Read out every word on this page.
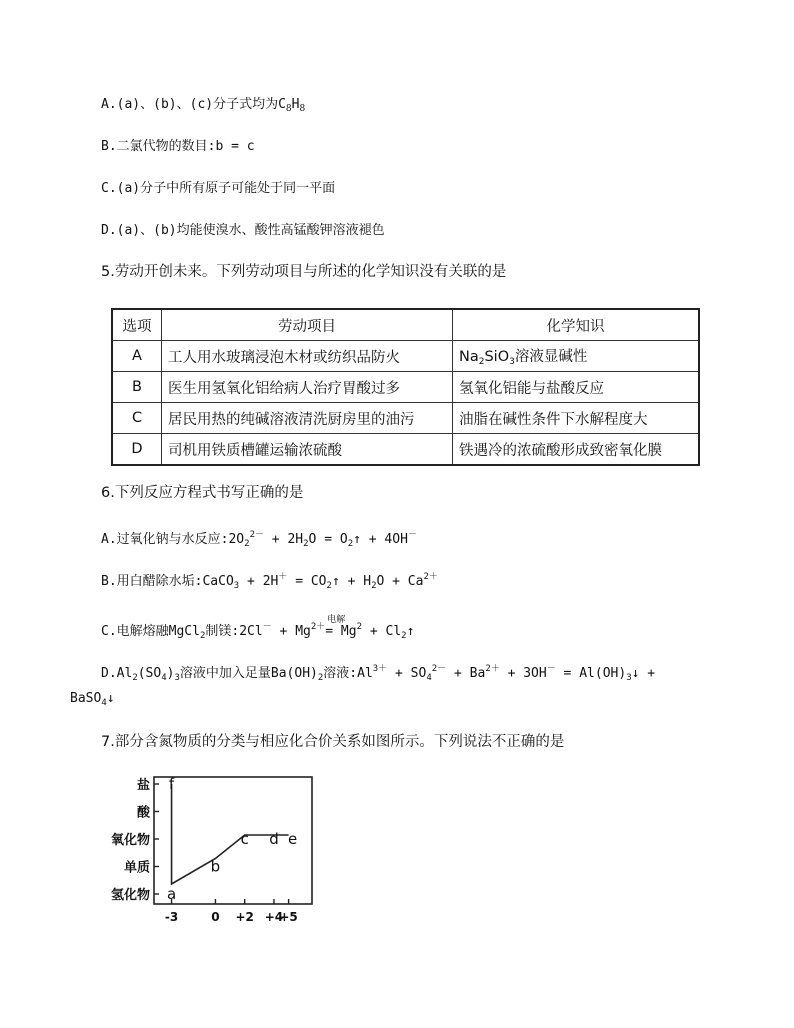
A.(a)、(b)、(c)分子式均为$C_8H_8$
B.二氯代物的数目:b = c
C.(a)分子中所有原子可能处于同一平面
D.(a)、(b)均能使溴水、酸性高锰酸钾溶液褪色
5.劳动开创未来。下列劳动项目与所述的化学知识没有关联的是
选项	劳动项目	化学知识
A	工人用水玻璃浸泡木材或纺织品防火	$Na_2SiO_3$溶液显碱性
B	医生用氢氧化铝给病人治疗胃酸过多	氢氧化铝能与盐酸反应
C	居民用热的纯碱溶液清洗厨房里的油污	油脂在碱性条件下水解程度大
D	司机用铁质槽罐运输浓硫酸	铁遇冷的浓硫酸形成致密氧化膜
6.下列反应方程式书写正确的是
A.过氧化钠与水反应$:2O_2^{2-} + 2H_2O$ = $O_2↑ + 4OH^-$
B.用白醋除水垢:CaCO$_3$ + $2H^+ = CO_2↑ + H_2O + Ca^{2+}$
C.电解熔融MgCl$_2$制镁:2Cl－ + $Mg^{2+}$
电解
= $Mg^2$ + $Cl_2↑$
$D.Al_2(SO_4)_3$溶液中加入足量$Ba(OH)_2$溶液$:Al^{3+} + SO_4^{2-} + Ba^{2+} + 3OH^-$ = $Al(OH)_3↓$ +
BaSO$_4$↓
7.部分含氮物质的分类与相应化合价关系如图所示。下列说法不正确的是
氢化物
单质
氧化物
酸
盐
-3	0 +2 +4
+5
a
b
c d e
f
